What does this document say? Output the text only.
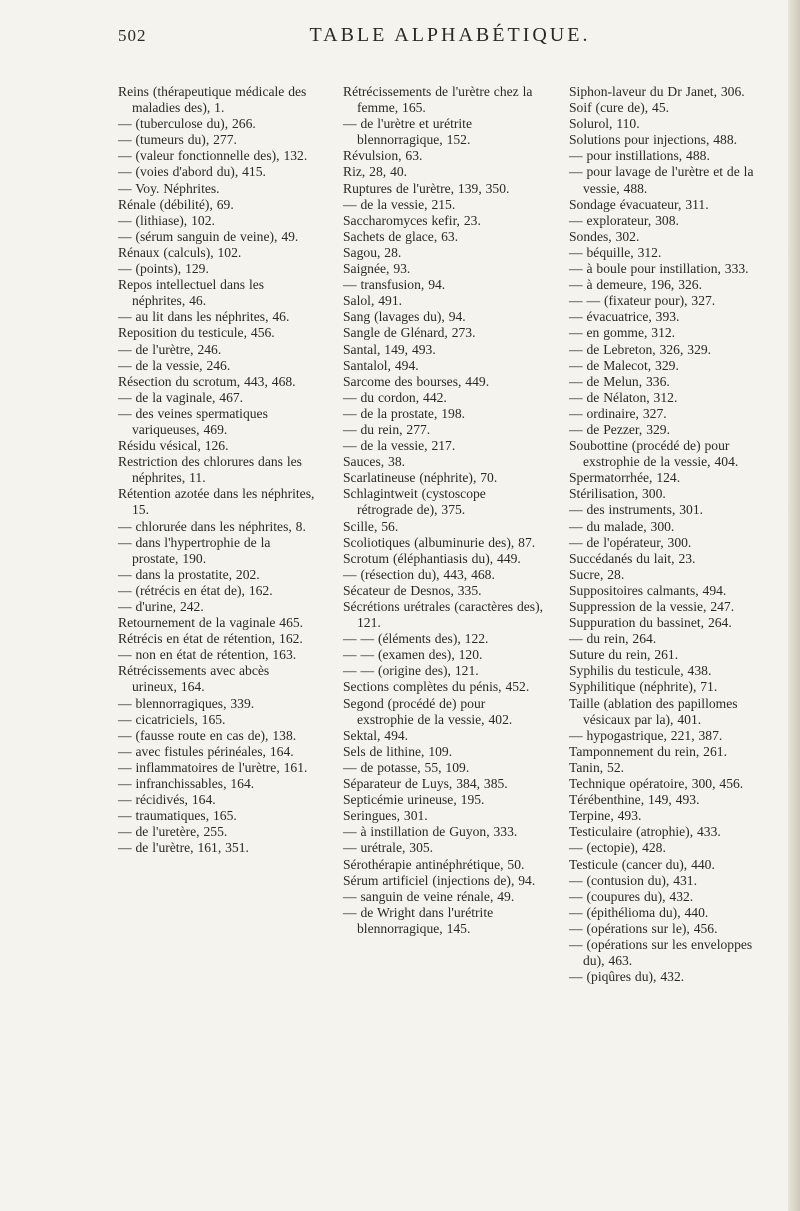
502	TABLE ALPHABÉTIQUE.
Reins (thérapeutique médicale des maladies des), 1.
— (tuberculose du), 266.
— (tumeurs du), 277.
— (valeur fonctionnelle des), 132.
— (voies d'abord du), 415.
— Voy. Néphrites.
Rénale (débilité), 69.
— (lithiase), 102.
— (sérum sanguin de veine), 49.
Rénaux (calculs), 102.
— (points), 129.
Repos intellectuel dans les néphrites, 46.
— au lit dans les néphrites, 46.
Reposition du testicule, 456.
— de l'urètre, 246.
— de la vessie, 246.
Résection du scrotum, 443, 468.
— de la vaginale, 467.
— des veines spermatiques variqueuses, 469.
Résidu vésical, 126.
Restriction des chlorures dans les néphrites, 11.
Rétention azotée dans les néphrites, 15.
— chlorurée dans les néphrites, 8.
— dans l'hypertrophie de la prostate, 190.
— dans la prostatite, 202.
— (rétrécis en état de), 162.
— d'urine, 242.
Retournement de la vaginale 465.
Rétrécis en état de rétention, 162.
— non en état de rétention, 163.
Rétrécissements avec abcès urineux, 164.
— blennorragiques, 339.
— cicatriciels, 165.
— (fausse route en cas de), 138.
— avec fistules périnéales, 164.
— inflammatoires de l'urètre, 161.
— infranchissables, 164.
— récidivés, 164.
— traumatiques, 165.
— de l'uretère, 255.
— de l'urètre, 161, 351.
Rétrécissements de l'urètre chez la femme, 165.
— de l'urètre et urétrite blennorragique, 152.
Révulsion, 63.
Riz, 28, 40.
Ruptures de l'urètre, 139, 350.
— de la vessie, 215.
Saccharomyces kefir, 23.
Sachets de glace, 63.
Sagou, 28.
Saignée, 93.
— transfusion, 94.
Salol, 491.
Sang (lavages du), 94.
Sangle de Glénard, 273.
Santal, 149, 493.
Santalol, 494.
Sarcome des bourses, 449.
— du cordon, 442.
— de la prostate, 198.
— du rein, 277.
— de la vessie, 217.
Sauces, 38.
Scarlatineuse (néphrite), 70.
Schlagintweit (cystoscope rétrograde de), 375.
Scille, 56.
Scoliotiques (albuminurie des), 87.
Scrotum (éléphantiasis du), 449.
— (résection du), 443, 468.
Sécateur de Desnos, 335.
Sécrétions urétrales (caractères des), 121.
— — (éléments des), 122.
— — (examen des), 120.
— — (origine des), 121.
Sections complètes du pénis, 452.
Segond (procédé de) pour exstrophie de la vessie, 402.
Sektal, 494.
Sels de lithine, 109.
— de potasse, 55, 109.
Séparateur de Luys, 384, 385.
Septicémie urineuse, 195.
Seringues, 301.
— à instillation de Guyon, 333.
— urétrale, 305.
Sérothérapie antinéphrétique, 50.
Sérum artificiel (injections de), 94.
— sanguin de veine rénale, 49.
— de Wright dans l'urétrite blennorragique, 145.
Siphon-laveur du Dr Janet, 306.
Soif (cure de), 45.
Solurol, 110.
Solutions pour injections, 488.
— pour instillations, 488.
— pour lavage de l'urètre et de la vessie, 488.
Sondage évacuateur, 311.
— explorateur, 308.
Sondes, 302.
— béquille, 312.
— à boule pour instillation, 333.
— à demeure, 196, 326.
— — (fixateur pour), 327.
— évacuatrice, 393.
— en gomme, 312.
— de Lebreton, 326, 329.
— de Malecot, 329.
— de Melun, 336.
— de Nélaton, 312.
— ordinaire, 327.
— de Pezzer, 329.
Soubottine (procédé de) pour exstrophie de la vessie, 404.
Spermatorrhée, 124.
Stérilisation, 300.
— des instruments, 301.
— du malade, 300.
— de l'opérateur, 300.
Succédanés du lait, 23.
Sucre, 28.
Suppositoires calmants, 494.
Suppression de la vessie, 247.
Suppuration du bassinet, 264.
— du rein, 264.
Suture du rein, 261.
Syphilis du testicule, 438.
Syphilitique (néphrite), 71.
Taille (ablation des papillomes vésicaux par la), 401.
— hypogastrique, 221, 387.
Tamponnement du rein, 261.
Tanin, 52.
Technique opératoire, 300, 456.
Térébenthine, 149, 493.
Terpine, 493.
Testiculaire (atrophie), 433.
— (ectopie), 428.
Testicule (cancer du), 440.
— (contusion du), 431.
— (coupures du), 432.
— (épithélioma du), 440.
— (opérations sur le), 456.
— (opérations sur les enveloppes du), 463.
— (piqûres du), 432.
